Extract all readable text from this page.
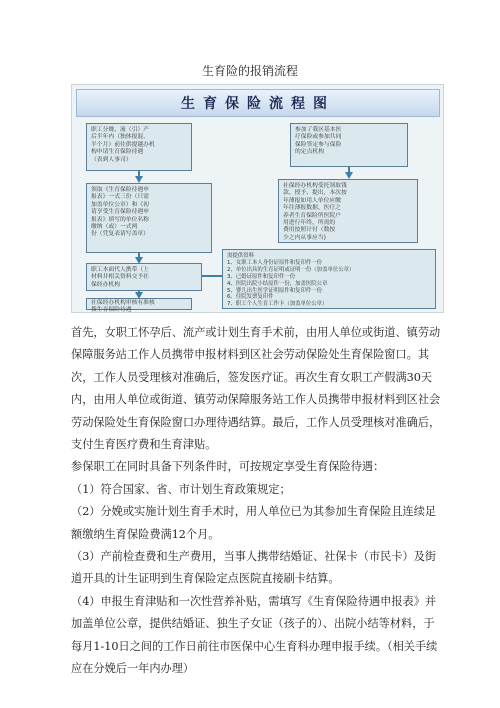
生育险的报销流程
生育保险流程图
职工分娩、流（引）产
后半年内（独体报混、
半个月）前往供提越办机
构申请生育保险待遇
（表到人事司）
领取《生育保险待遇申
报表》一式三份（只需
加盖单位公章）和《初
请享受生育保险待遇申
报表》填写的单位名称
缴纳（或）一式两
份（凭复表请写盖章）
职工本面代人携带（上
材料并相关资料交予社
保经办机构
社保经办机构审核有准核
拨生育保险待遇
参加了我区基本医
疗保险或参加共同
保险签定参与保险
的定点机构
社保经办机构受托领取钱
款、授予、提出，本次按
年薄报如用人单位应缴
年往薄报数据、医疗之
养者生育保险所医院户
用进行年终，所需的
费用按照计付（数按
少之内从事应当)
需提供资料
1、女职工本人身份证原件和复印件一份
2、单位出具的生育证明或证明一份（加盖单位公章）
3、已婚证原件和复印件一份
4、医院出院小结原件一份，加盖医院公章
5、婴儿出生医学证明原件和复印件一份
6、住院发票复印件
7、职工个人生育工作卡（加盖单位公章）

首先，女职工怀孕后、流产或计划生育手术前，由用人单位或街道、镇劳动保障服务站工作人员携带申报材料到区社会劳动保险处生育保险窗口。其次，工作人员受理核对准确后，签发医疗证。再次生育女职工产假满30天内，由用人单位或街道、镇劳动保障服务站工作人员携带申报材料到区社会劳动保险处生育保险窗口办理待遇结算。最后，工作人员受理核对准确后，支付生育医疗费和生育津贴。

参保职工在同时具备下列条件时，可按规定享受生育保险待遇：

（1）符合国家、省、市计划生育政策规定；

（2）分娩或实施计划生育手术时，用人单位已为其参加生育保险且连续足额缴纳生育保险费满12个月。

（3）产前检查费和生产费用，当事人携带结婚证、社保卡（市民卡）及街道开具的计生证明到生育保险定点医院直接刷卡结算。

（4）申报生育津贴和一次性营养补贴，需填写《生育保险待遇申报表》并加盖单位公章，提供结婚证、独生子女证（孩子的）、出院小结等材料，于每月1-10日之间的工作日前往市医保中心生育科办理申报手续。（相关手续应在分娩后一年内办理）
